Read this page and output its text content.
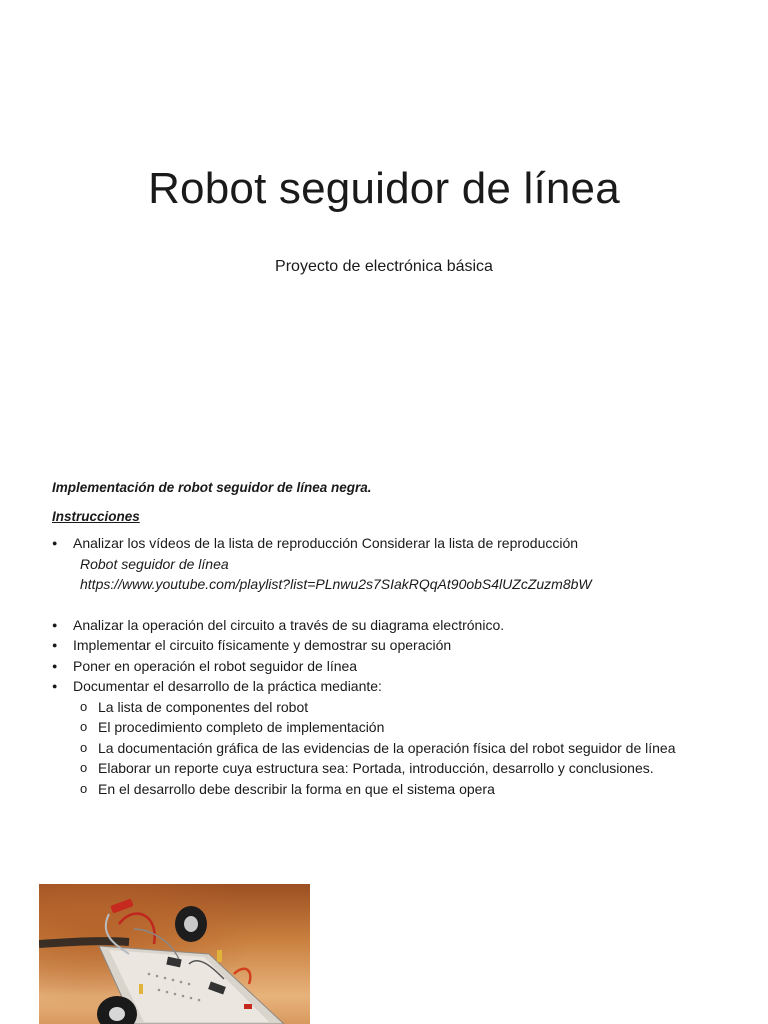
Robot seguidor de línea

Proyecto de electrónica básica

Implementación de robot seguidor de línea negra.

Instrucciones

● Analizar los vídeos de la lista de reproducción Considerar la lista de reproducción
Robot seguidor de línea
https://www.youtube.com/playlist?list=PLnwu2s7SIakRQqAt90obS4lUZcZuzm8bW
● Analizar la operación del circuito a través de su diagrama electrónico.
● Implementar el circuito físicamente y demostrar su operación
● Poner en operación el robot seguidor de línea
● Documentar el desarrollo de la práctica mediante:
o La lista de componentes del robot
o El procedimiento completo de implementación
o La documentación gráfica de las evidencias de la operación física del robot seguidor de línea
o Elaborar un reporte cuya estructura sea: Portada, introducción, desarrollo y conclusiones.
o En el desarrollo debe describir la forma en que el sistema opera
